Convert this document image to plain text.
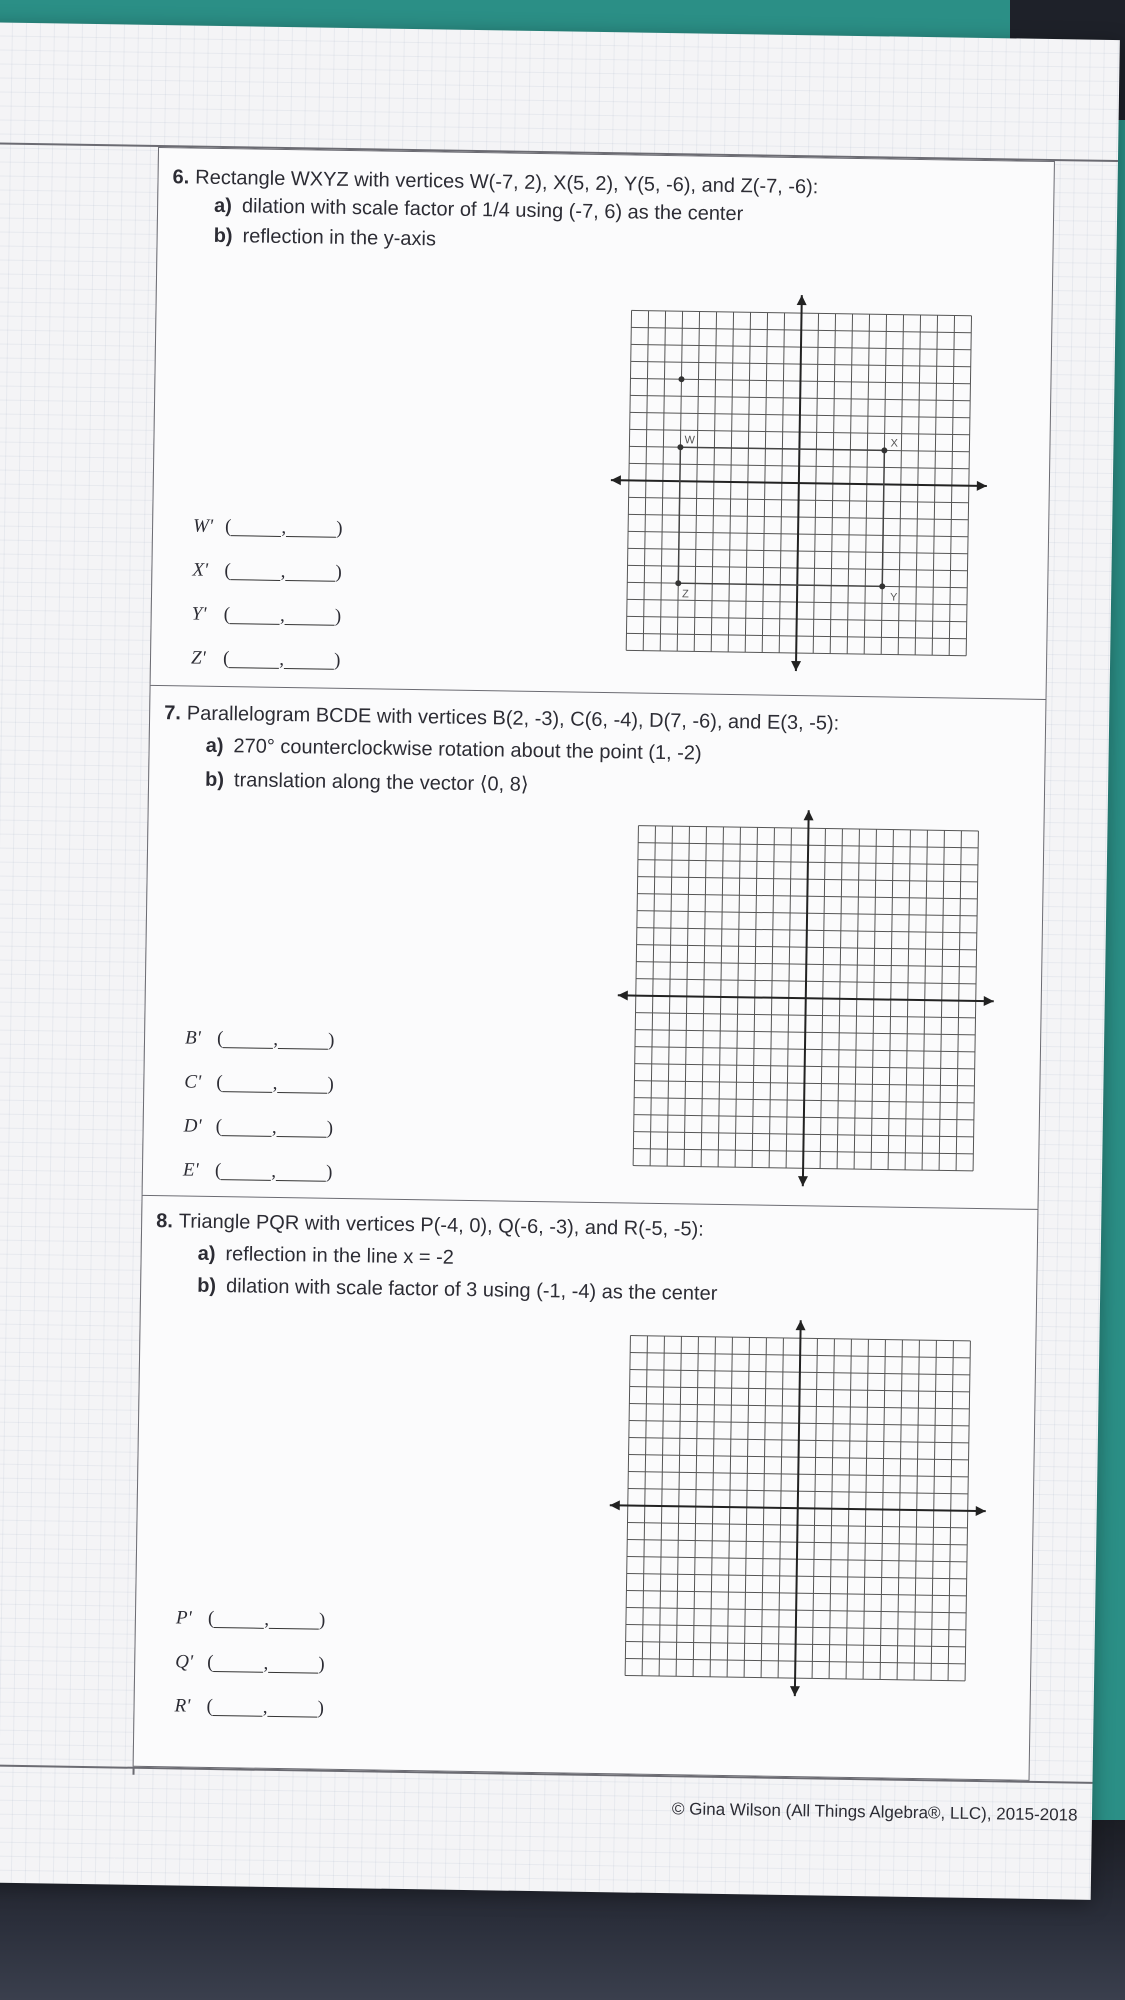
6. Rectangle WXYZ with vertices W(-7, 2), X(5, 2), Y(5, -6), and Z(-7, -6):
a) dilation with scale factor of 1/4 using (-7, 6) as the center
b) reflection in the y-axis
W' (	,	)
X' (	,	)
Y' (	,	)
Z' (	,	)
W	X
Y
Z
7. Parallelogram BCDE with vertices B(2, -3), C(6, -4), D(7, -6), and E(3, -5):
a) 270° counterclockwise rotation about the point (1, -2)
b) translation along the vector ⟨0, 8⟩
B' (	,	)
C' (	,	)
D' (	,	)
E' (	,	)
8. Triangle PQR with vertices P(-4, 0), Q(-6, -3), and R(-5, -5):
a) reflection in the line x = -2
b) dilation with scale factor of 3 using (-1, -4) as the center
P' (	,	)
Q' (	,	)
R' (	,	)
© Gina Wilson (All Things Algebra®, LLC), 2015-2018
